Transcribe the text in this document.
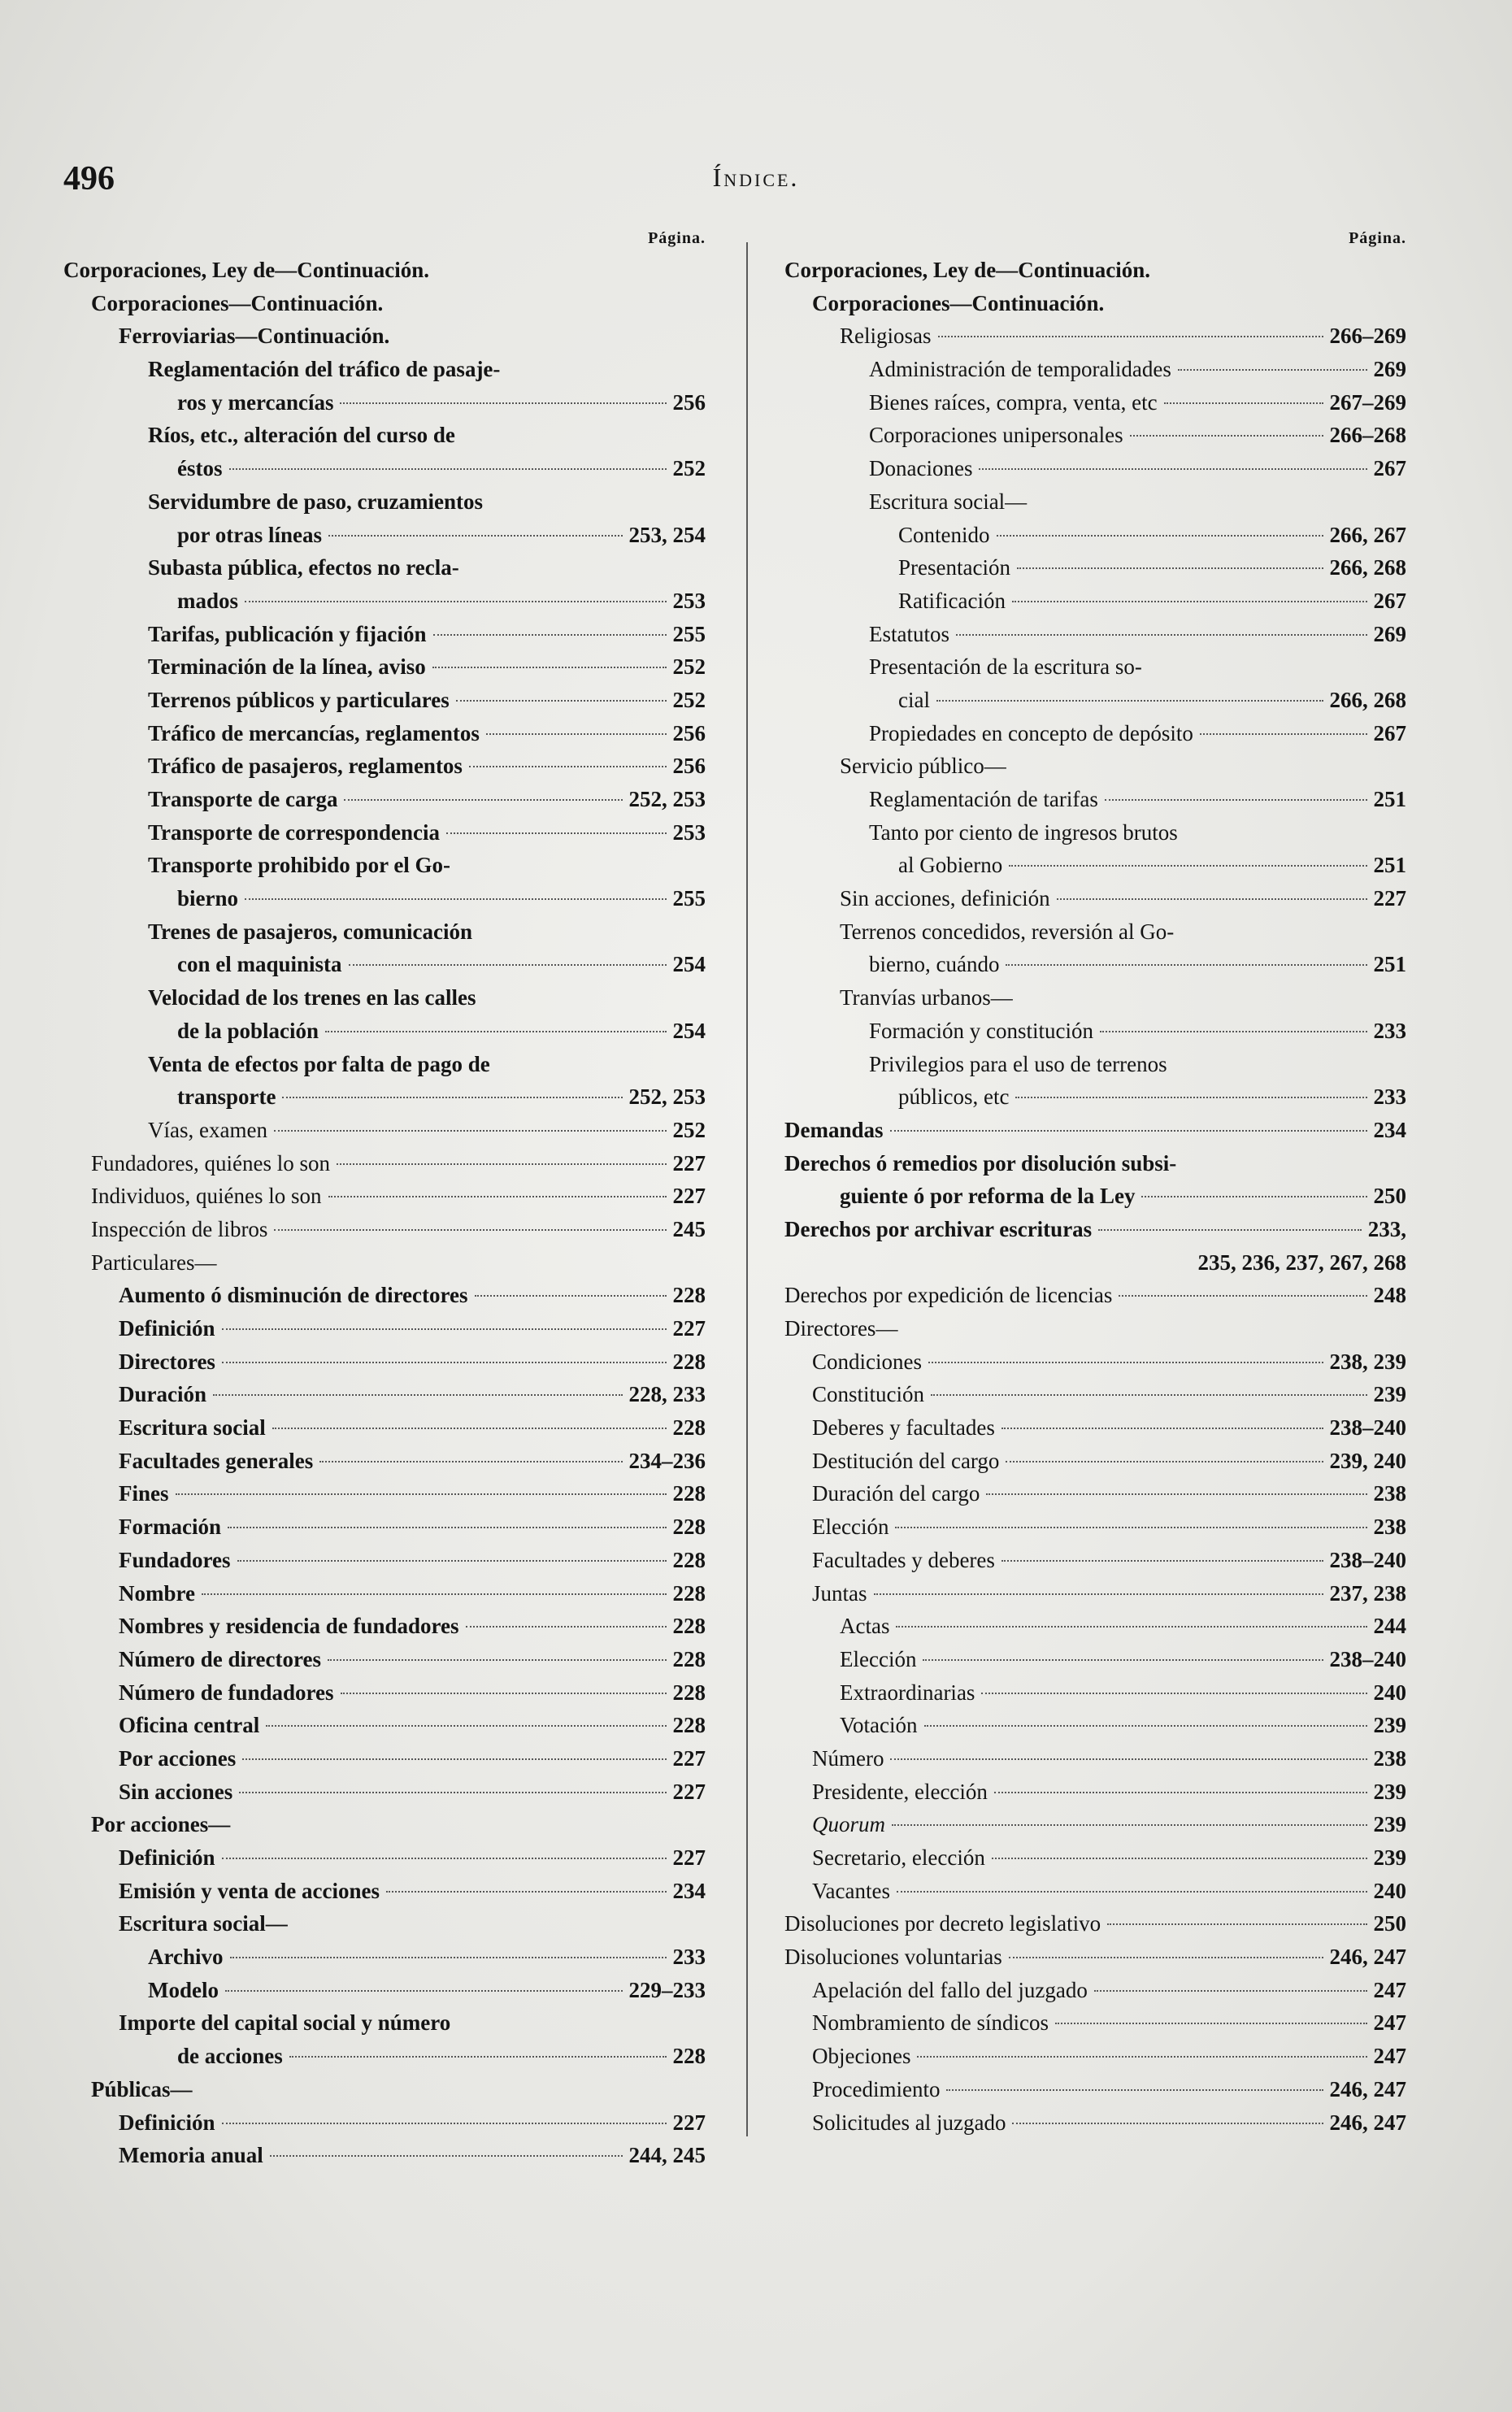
496	Índice.
Página.
Corporaciones, Ley de—Continuación.
Corporaciones—Continuación.
Ferroviarias—Continuación.
Reglamentación del tráfico de pasaje-
ros y mercancías	256
Ríos, etc., alteración del curso de
éstos	252
Servidumbre de paso, cruzamientos
por otras líneas	253, 254
Subasta pública, efectos no recla-
mados	253
Tarifas, publicación y fijación	255
Terminación de la línea, aviso	252
Terrenos públicos y particulares	252
Tráfico de mercancías, reglamentos	256
Tráfico de pasajeros, reglamentos	256
Transporte de carga	252, 253
Transporte de correspondencia	253
Transporte prohibido por el Go-
bierno	255
Trenes de pasajeros, comunicación
con el maquinista	254
Velocidad de los trenes en las calles
de la población	254
Venta de efectos por falta de pago de
transporte	252, 253
Vías, examen	252
Fundadores, quiénes lo son	227
Individuos, quiénes lo son	227
Inspección de libros	245
Particulares—
Aumento ó disminución de directores	228
Definición	227
Directores	228
Duración	228, 233
Escritura social	228
Facultades generales	234–236
Fines	228
Formación	228
Fundadores	228
Nombre	228
Nombres y residencia de fundadores	228
Número de directores	228
Número de fundadores	228
Oficina central	228
Por acciones	227
Sin acciones	227
Por acciones—
Definición	227
Emisión y venta de acciones	234
Escritura social—
Archivo	233
Modelo	229–233
Importe del capital social y número
de acciones	228
Públicas—
Definición	227
Memoria anual	244, 245
Página.
Corporaciones, Ley de—Continuación.
Corporaciones—Continuación.
Religiosas	266–269
Administración de temporalidades	269
Bienes raíces, compra, venta, etc	267–269
Corporaciones unipersonales	266–268
Donaciones	267
Escritura social—
Contenido	266, 267
Presentación	266, 268
Ratificación	267
Estatutos	269
Presentación de la escritura so-
cial	266, 268
Propiedades en concepto de depósito	267
Servicio público—
Reglamentación de tarifas	251
Tanto por ciento de ingresos brutos
al Gobierno	251
Sin acciones, definición	227
Terrenos concedidos, reversión al Go-
bierno, cuándo	251
Tranvías urbanos—
Formación y constitución	233
Privilegios para el uso de terrenos
públicos, etc	233
Demandas	234
Derechos ó remedios por disolución subsi-
guiente ó por reforma de la Ley	250
Derechos por archivar escrituras	233,
235, 236, 237, 267, 268
Derechos por expedición de licencias	248
Directores—
Condiciones	238, 239
Constitución	239
Deberes y facultades	238–240
Destitución del cargo	239, 240
Duración del cargo	238
Elección	238
Facultades y deberes	238–240
Juntas	237, 238
Actas	244
Elección	238–240
Extraordinarias	240
Votación	239
Número	238
Presidente, elección	239
Quorum	239
Secretario, elección	239
Vacantes	240
Disoluciones por decreto legislativo	250
Disoluciones voluntarias	246, 247
Apelación del fallo del juzgado	247
Nombramiento de síndicos	247
Objeciones	247
Procedimiento	246, 247
Solicitudes al juzgado	246, 247
